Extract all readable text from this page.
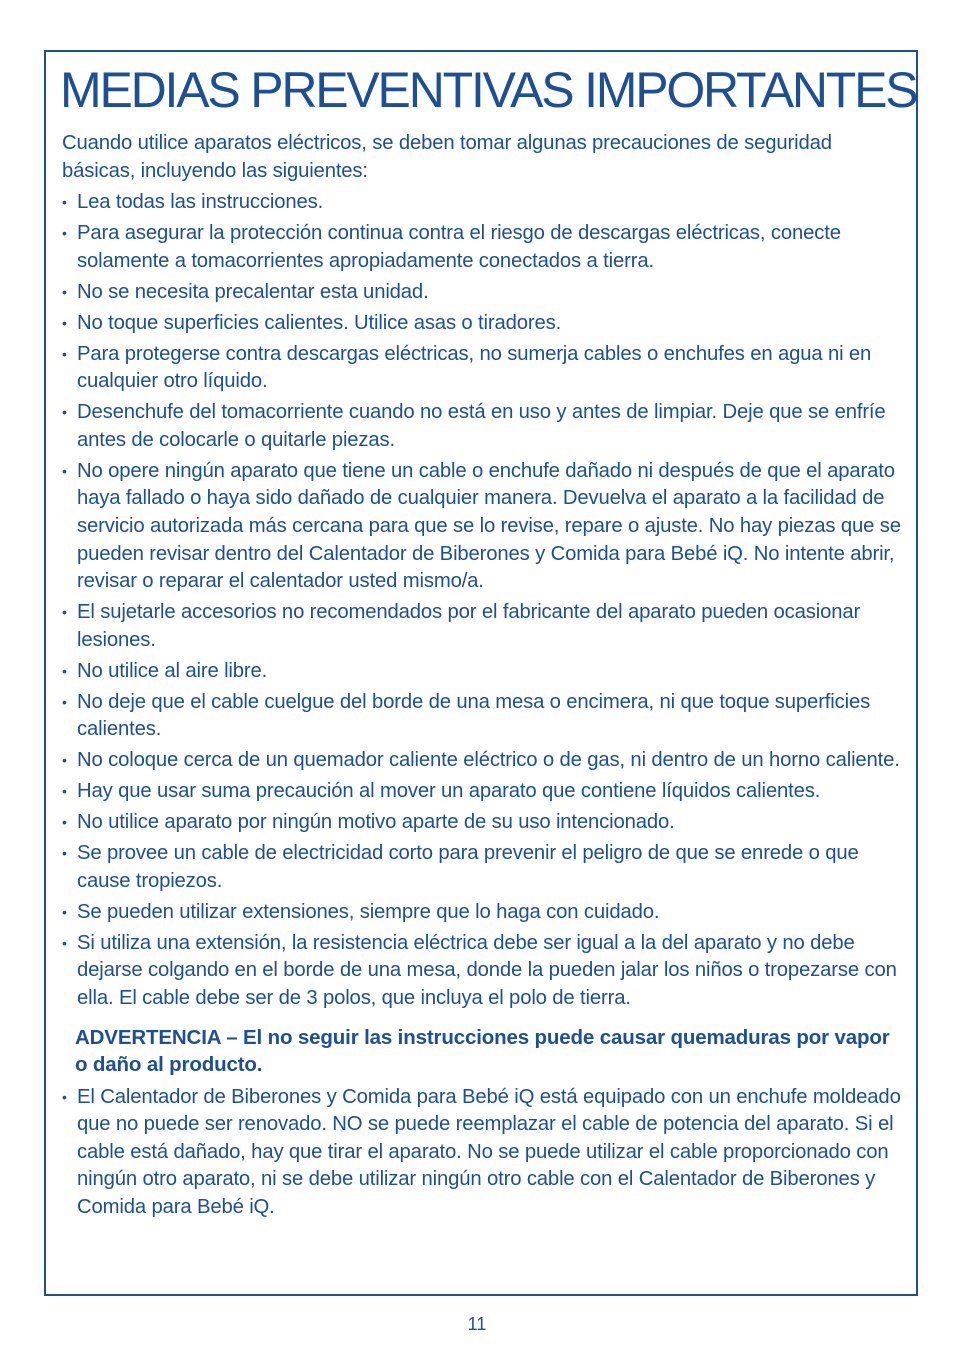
MEDIAS PREVENTIVAS IMPORTANTES

Cuando utilice aparatos eléctricos, se deben tomar algunas precauciones de seguridad básicas, incluyendo las siguientes:

• Lea todas las instrucciones.
• Para asegurar la protección continua contra el riesgo de descargas eléctricas, conecte solamente a tomacorrientes apropiadamente conectados a tierra.
• No se necesita precalentar esta unidad.
• No toque superficies calientes. Utilice asas o tiradores.
• Para protegerse contra descargas eléctricas, no sumerja cables o enchufes en agua ni en cualquier otro líquido.
• Desenchufe del tomacorriente cuando no está en uso y antes de limpiar. Deje que se enfríe antes de colocarle o quitarle piezas.
• No opere ningún aparato que tiene un cable o enchufe dañado ni después de que el aparato haya fallado o haya sido dañado de cualquier manera. Devuelva el aparato a la facilidad de servicio autorizada más cercana para que se lo revise, repare o ajuste. No hay piezas que se pueden revisar dentro del Calentador de Biberones y Comida para Bebé iQ. No intente abrir, revisar o reparar el calentador usted mismo/a.
• El sujetarle accesorios no recomendados por el fabricante del aparato pueden ocasionar lesiones.
• No utilice al aire libre.
• No deje que el cable cuelgue del borde de una mesa o encimera, ni que toque superficies calientes.
• No coloque cerca de un quemador caliente eléctrico o de gas, ni dentro de un horno caliente.
• Hay que usar suma precaución al mover un aparato que contiene líquidos calientes.
• No utilice aparato por ningún motivo aparte de su uso intencionado.
• Se provee un cable de electricidad corto para prevenir el peligro de que se enrede o que cause tropiezos.
• Se pueden utilizar extensiones, siempre que lo haga con cuidado.
• Si utiliza una extensión, la resistencia eléctrica debe ser igual a la del aparato y no debe dejarse colgando en el borde de una mesa, donde la pueden jalar los niños o tropezarse con ella. El cable debe ser de 3 polos, que incluya el polo de tierra.

ADVERTENCIA – El no seguir las instrucciones puede causar quemaduras por vapor o daño al producto.

• El Calentador de Biberones y Comida para Bebé iQ está equipado con un enchufe moldeado que no puede ser renovado. NO se puede reemplazar el cable de potencia del aparato. Si el cable está dañado, hay que tirar el aparato. No se puede utilizar el cable proporcionado con ningún otro aparato, ni se debe utilizar ningún otro cable con el Calentador de Biberones y Comida para Bebé iQ.
11
